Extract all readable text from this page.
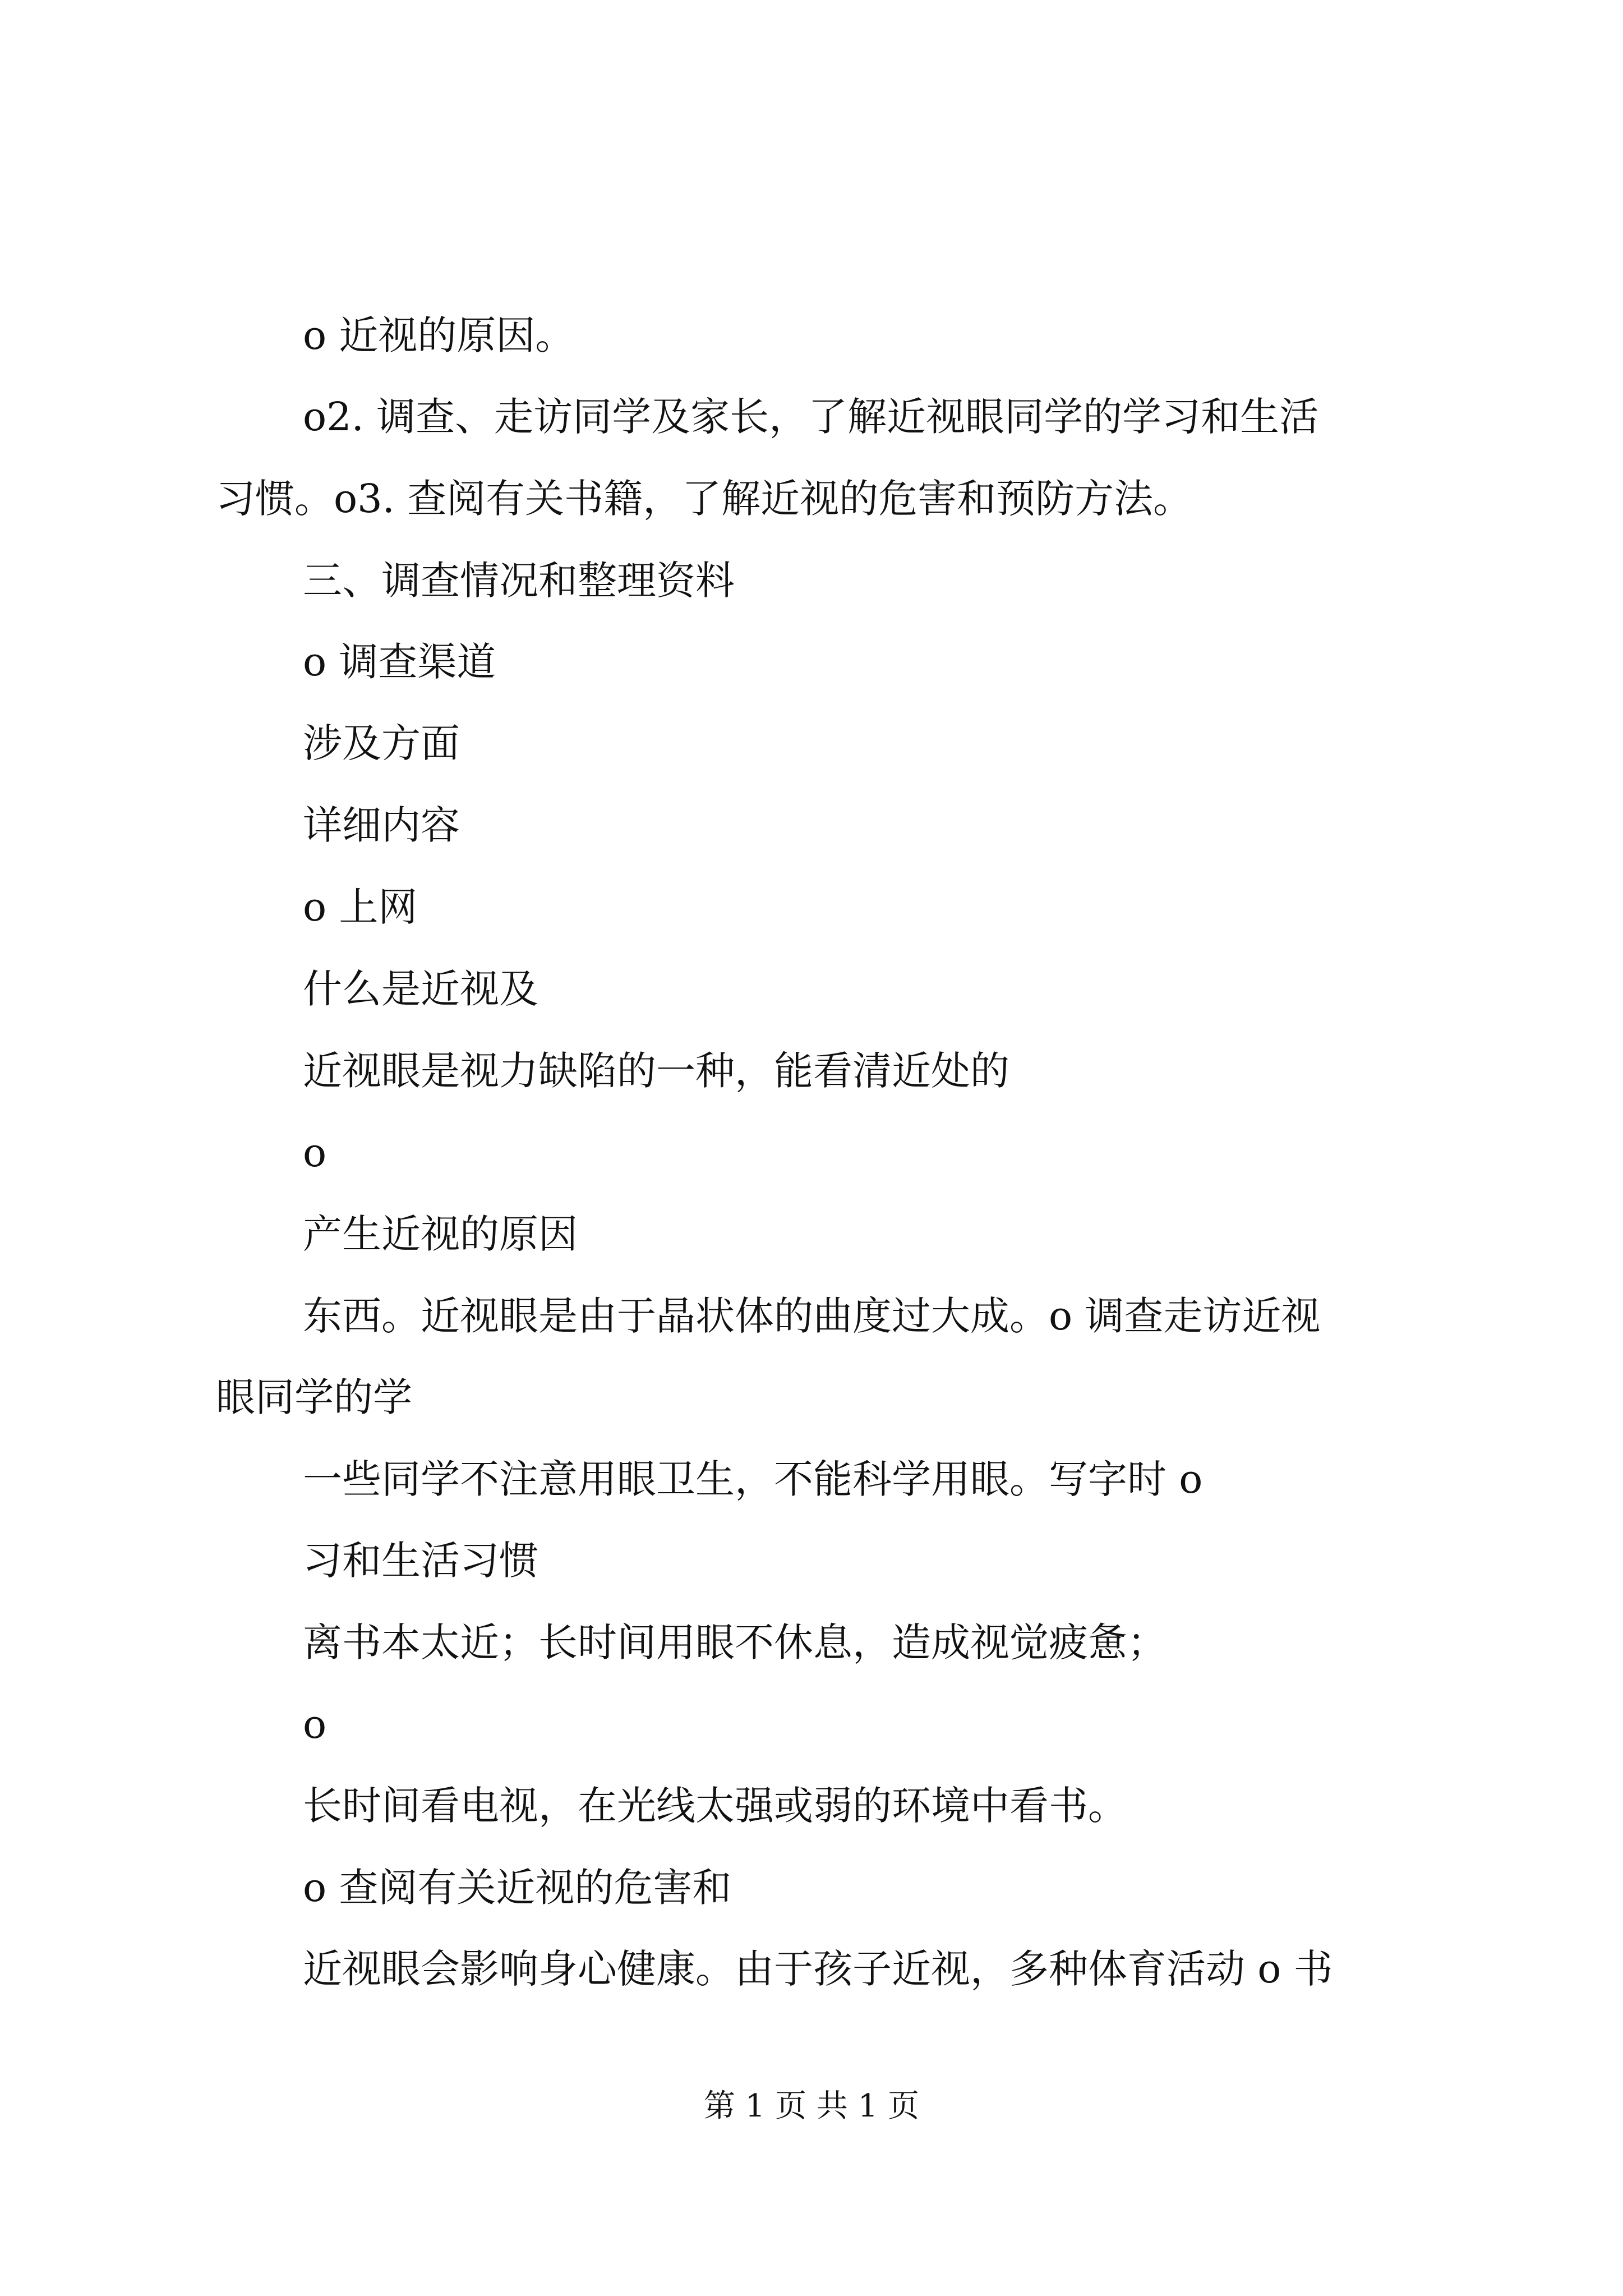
o 近视的原因。
o2. 调查、走访同学及家长，了解近视眼同学的学习和生活
习惯。o3. 查阅有关书籍，了解近视的危害和预防方法。
三、调查情况和整理资料
o 调查渠道
涉及方面
详细内容
o 上网
什么是近视及
近视眼是视力缺陷的一种，能看清近处的
o
产生近视的原因
东西。近视眼是由于晶状体的曲度过大成。o 调查走访近视
眼同学的学
一些同学不注意用眼卫生，不能科学用眼。写字时 o
习和生活习惯
离书本太近；长时间用眼不休息，造成视觉疲惫；
o
长时间看电视，在光线太强或弱的环境中看书。
o 查阅有关近视的危害和
近视眼会影响身心健康。由于孩子近视，多种体育活动 o 书
第 1 页 共 1 页
